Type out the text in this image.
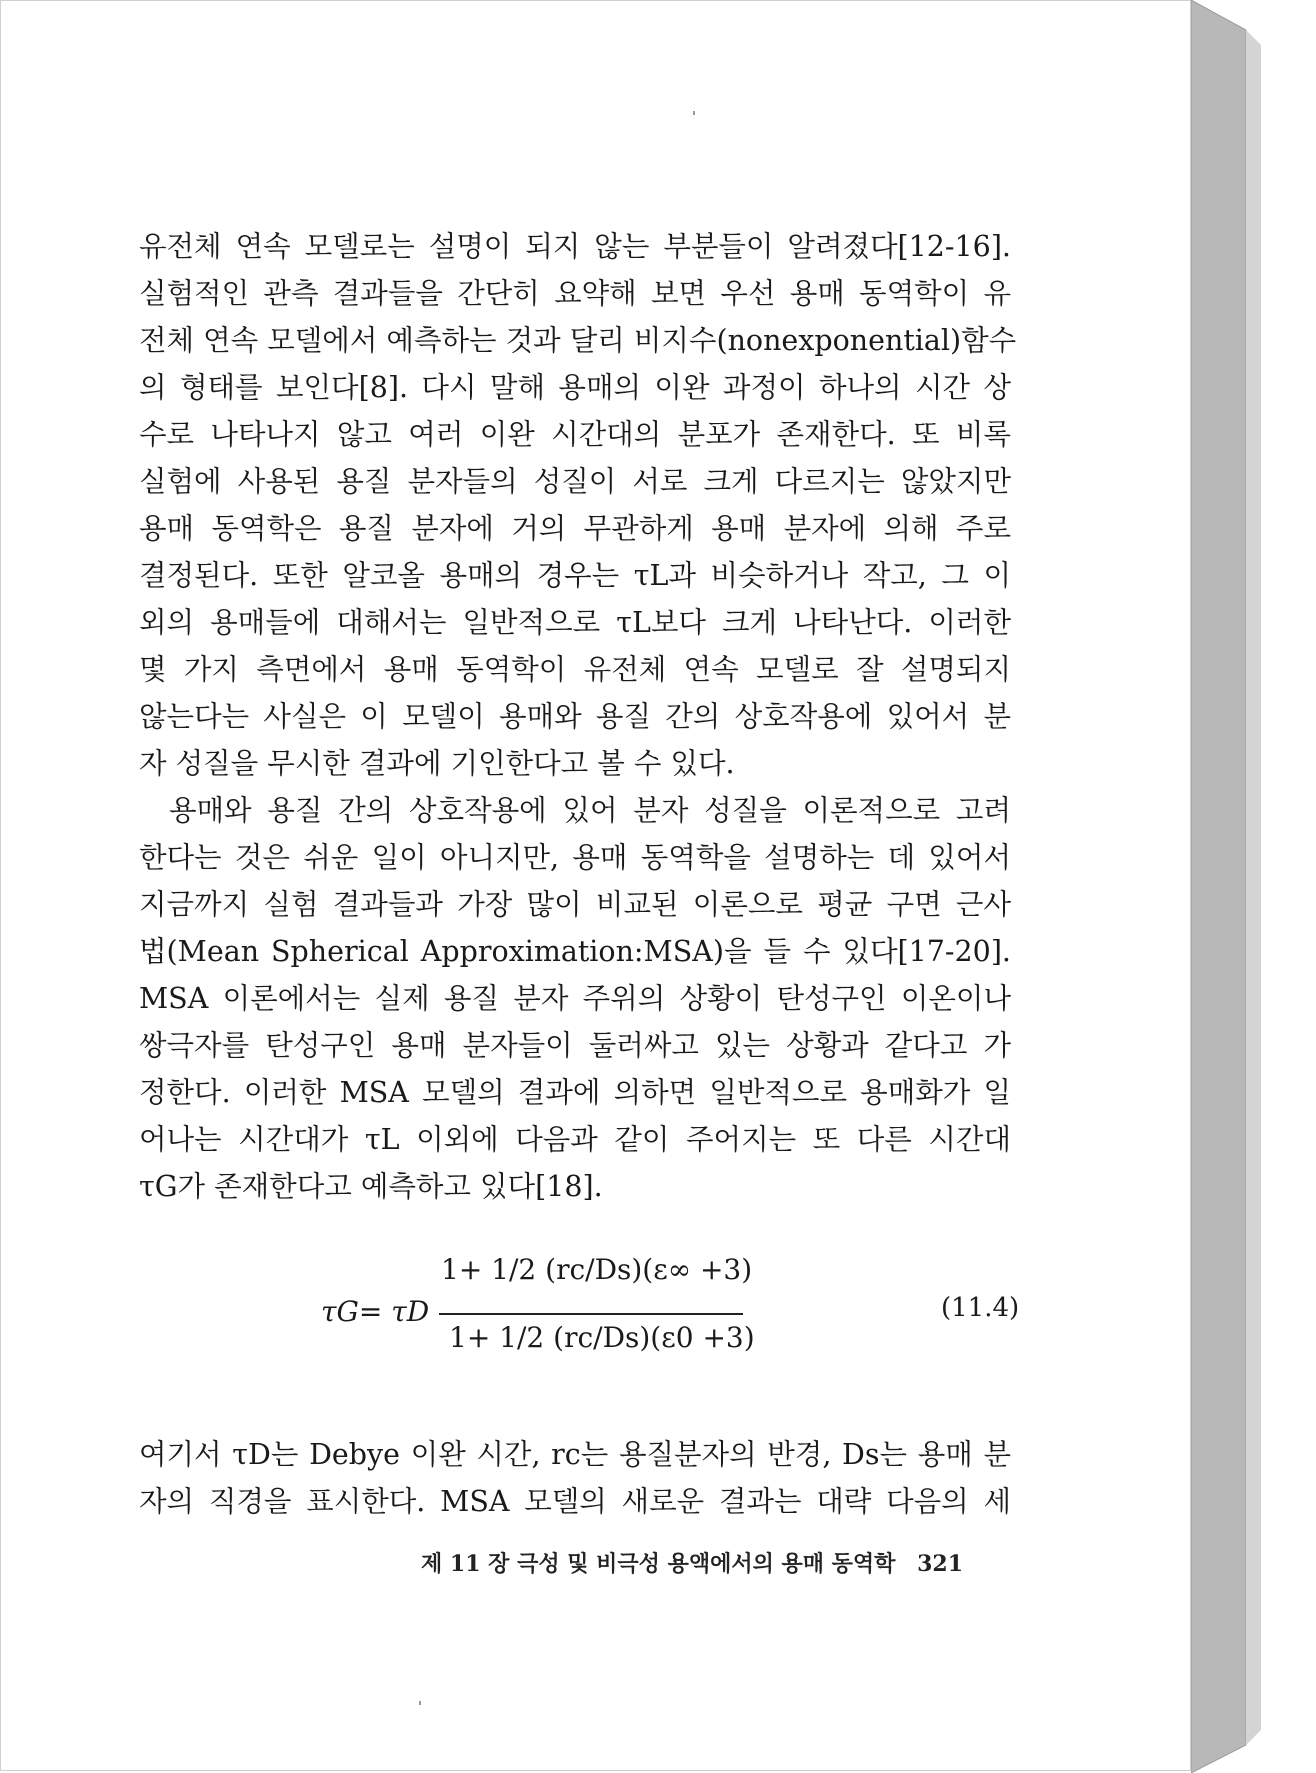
유전체 연속 모델로는 설명이 되지 않는 부분들이 알려졌다[12-16].
실험적인 관측 결과들을 간단히 요약해 보면 우선 용매 동역학이 유
전체 연속 모델에서 예측하는 것과 달리 비지수(nonexponential)함수
의 형태를 보인다[8]. 다시 말해 용매의 이완 과정이 하나의 시간 상
수로 나타나지 않고 여러 이완 시간대의 분포가 존재한다. 또 비록
실험에 사용된 용질 분자들의 성질이 서로 크게 다르지는 않았지만
용매 동역학은 용질 분자에 거의 무관하게 용매 분자에 의해 주로
결정된다. 또한 알코올 용매의 경우는 τL과 비슷하거나 작고, 그 이
외의 용매들에 대해서는 일반적으로 τL보다 크게 나타난다. 이러한
몇 가지 측면에서 용매 동역학이 유전체 연속 모델로 잘 설명되지
않는다는 사실은 이 모델이 용매와 용질 간의 상호작용에 있어서 분
자 성질을 무시한 결과에 기인한다고 볼 수 있다.
용매와 용질 간의 상호작용에 있어 분자 성질을 이론적으로 고려
한다는 것은 쉬운 일이 아니지만, 용매 동역학을 설명하는 데 있어서
지금까지 실험 결과들과 가장 많이 비교된 이론으로 평균 구면 근사
법(Mean Spherical Approximation:MSA)을 들 수 있다[17-20].
MSA 이론에서는 실제 용질 분자 주위의 상황이 탄성구인 이온이나
쌍극자를 탄성구인 용매 분자들이 둘러싸고 있는 상황과 같다고 가
정한다. 이러한 MSA 모델의 결과에 의하면 일반적으로 용매화가 일
어나는 시간대가 τL 이외에 다음과 같이 주어지는 또 다른 시간대
τG가 존재한다고 예측하고 있다[18].
τG= τD
1+ 1/2 (rc/Ds)(ε∞ +3)
1+ 1/2 (rc/Ds)(ε0 +3)
(11.4)
여기서 τD는 Debye 이완 시간, rc는 용질분자의 반경, Ds는 용매 분
자의 직경을 표시한다. MSA 모델의 새로운 결과는 대략 다음의 세
제 11 장 극성 및 비극성 용액에서의 용매 동역학 321
